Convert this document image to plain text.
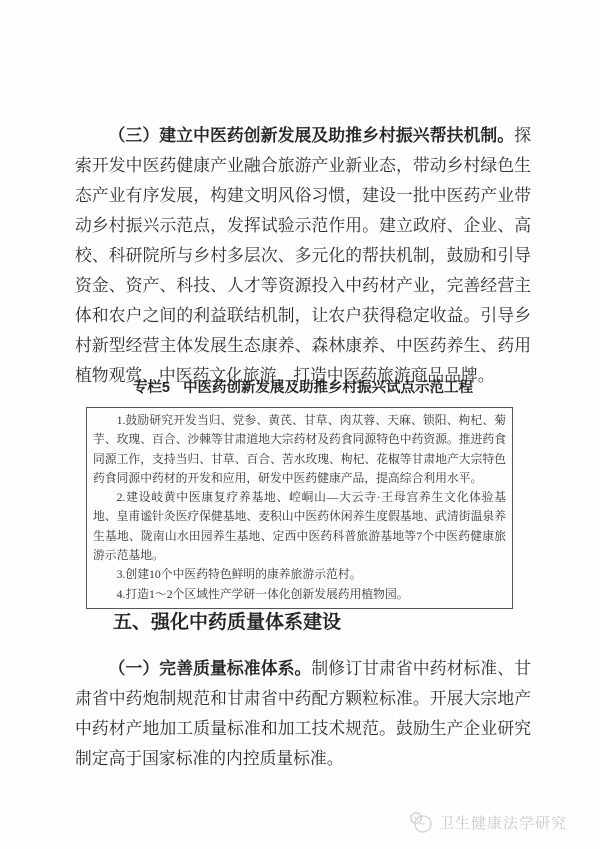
（三）建立中医药创新发展及助推乡村振兴帮扶机制。探索开发中医药健康产业融合旅游产业新业态，带动乡村绿色生态产业有序发展，构建文明风俗习惯，建设一批中医药产业带动乡村振兴示范点，发挥试验示范作用。建立政府、企业、高校、科研院所与乡村多层次、多元化的帮扶机制，鼓励和引导资金、资产、科技、人才等资源投入中药材产业，完善经营主体和农户之间的利益联结机制，让农户获得稳定收益。引导乡村新型经营主体发展生态康养、森林康养、中医药养生、药用植物观赏、中医药文化旅游，打造中医药旅游商品品牌。

专栏5 中医药创新发展及助推乡村振兴试点示范工程

1.鼓励研究开发当归、党参、黄芪、甘草、肉苁蓉、天麻、锁阳、枸杞、菊芋、玫瑰、百合、沙棘等甘肃道地大宗药材及药食同源特色中药资源。推进药食同源工作，支持当归、甘草、百合、苦水玫瑰、枸杞、花椒等甘肃地产大宗特色药食同源中药材的开发和应用，研发中医药健康产品，提高综合利用水平。

2.建设岐黄中医康复疗养基地、崆峒山—大云寺·王母宫养生文化体验基地、皇甫谧针灸医疗保健基地、麦积山中医药休闲养生度假基地、武清街温泉养生基地、陇南山水田园养生基地、定西中医药科普旅游基地等7个中医药健康旅游示范基地。

3.创建10个中医药特色鲜明的康养旅游示范村。

4.打造1～2个区域性产学研一体化创新发展药用植物园。

五、强化中药质量体系建设

（一）完善质量标准体系。制修订甘肃省中药材标准、甘肃省中药炮制规范和甘肃省中药配方颗粒标准。开展大宗地产中药材产地加工质量标准和加工技术规范。鼓励生产企业研究制定高于国家标准的内控质量标准。

卫生健康法学研究
